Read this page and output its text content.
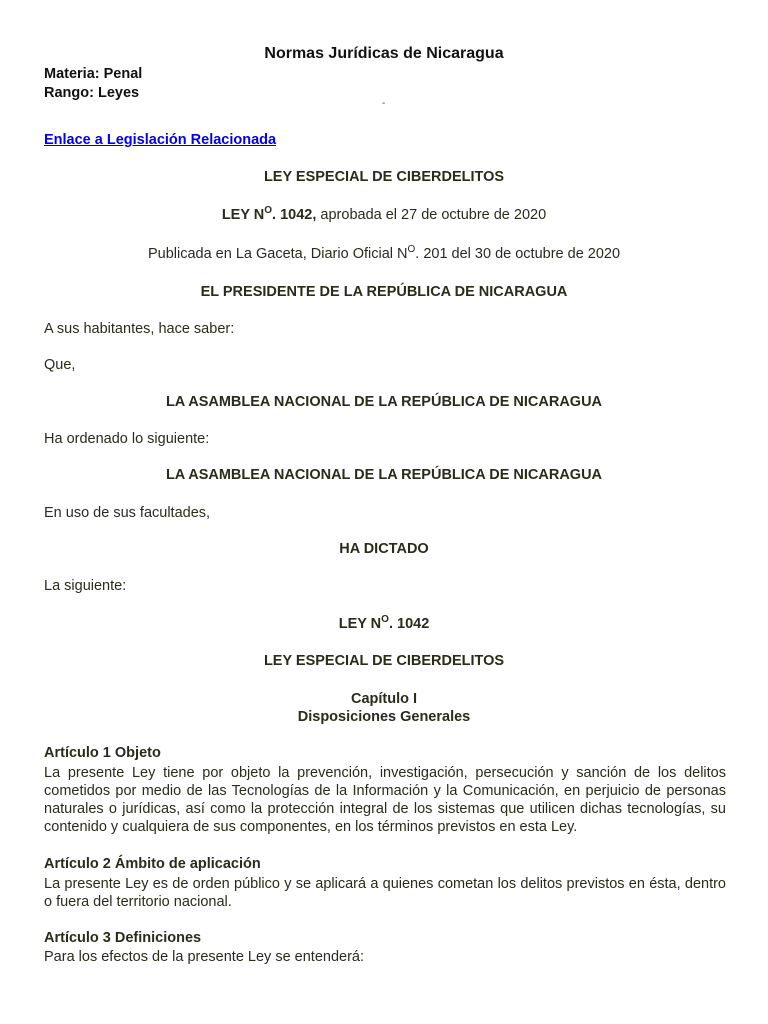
Normas Jurídicas de Nicaragua
Materia: Penal
Rango: Leyes
-
Enlace a Legislación Relacionada
LEY ESPECIAL DE CIBERDELITOS
LEY $N^O$. 1042, aprobada el 27 de octubre de 2020
Publicada en La Gaceta, Diario Oficial $N^O$. 201 del 30 de octubre de 2020
EL PRESIDENTE DE LA REPÚBLICA DE NICARAGUA
A sus habitantes, hace saber:
Que,
LA ASAMBLEA NACIONAL DE LA REPÚBLICA DE NICARAGUA
Ha ordenado lo siguiente:
LA ASAMBLEA NACIONAL DE LA REPÚBLICA DE NICARAGUA
En uso de sus facultades,
HA DICTADO
La siguiente:
LEY $N^O$. 1042
LEY ESPECIAL DE CIBERDELITOS
Capítulo I
Disposiciones Generales
Artículo 1 Objeto
La presente Ley tiene por objeto la prevención, investigación, persecución y sanción de los delitos cometidos por medio de las Tecnologías de la Información y la Comunicación, en perjuicio de personas naturales o jurídicas, así como la protección integral de los sistemas que utilicen dichas tecnologías, su contenido y cualquiera de sus componentes, en los términos previstos en esta Ley.
Artículo 2 Ámbito de aplicación
La presente Ley es de orden público y se aplicará a quienes cometan los delitos previstos en ésta, dentro o fuera del territorio nacional.
Artículo 3 Definiciones
Para los efectos de la presente Ley se entenderá:
